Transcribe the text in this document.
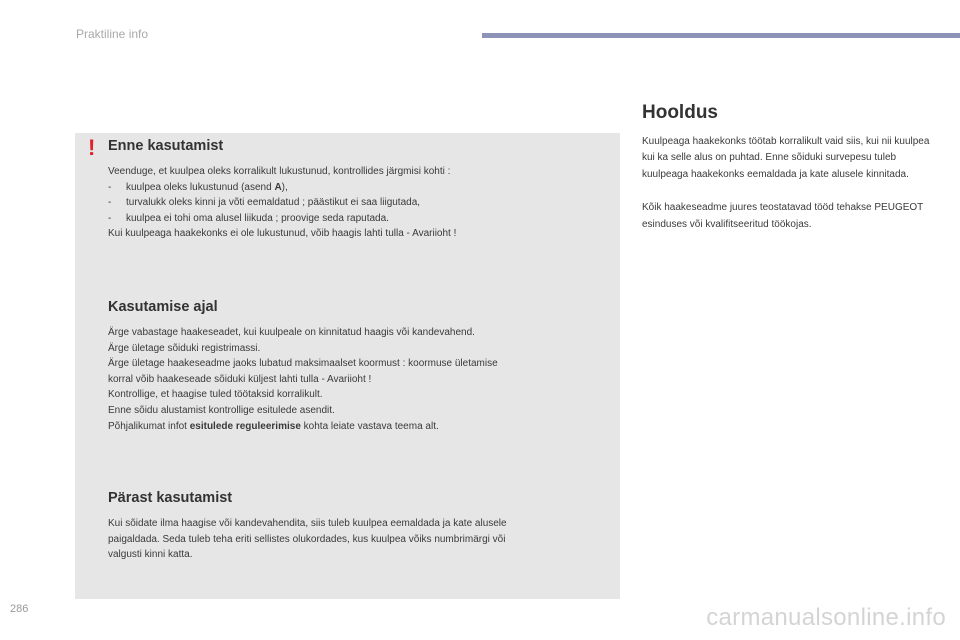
Praktiline info
! Enne kasutamist
Veenduge, et kuulpea oleks korralikult lukustunud, kontrollides järgmisi kohti :
- kuulpea oleks lukustunud (asend A),
- turvalukk oleks kinni ja võti eemaldatud ; päästikut ei saa liigutada,
- kuulpea ei tohi oma alusel liikuda ; proovige seda raputada.
Kui kuulpeaga haakekonks ei ole lukustunud, võib haagis lahti tulla - Avariioht !
Kasutamise ajal
Ärge vabastage haakeseadet, kui kuulpeale on kinnitatud haagis või kandevahend.
Ärge ületage sõiduki registrimassi.
Ärge ületage haakeseadme jaoks lubatud maksimaalset koormust : koormuse ületamise
korral võib haakeseade sõiduki küljest lahti tulla - Avariioht !
Kontrollige, et haagise tuled töötaksid korralikult.
Enne sõidu alustamist kontrollige esitulede asendit.
Põhjalikumat infot esitulede reguleerimise kohta leiate vastava teema alt.
Pärast kasutamist
Kui sõidate ilma haagise või kandevahendita, siis tuleb kuulpea eemaldada ja kate alusele
paigaldada. Seda tuleb teha eriti sellistes olukordades, kus kuulpea võiks numbrimärgi või
valgusti kinni katta.
Hooldus

Kuulpeaga haakekonks töötab korralikult vaid siis, kui nii kuulpea kui ka selle alus on puhtad. Enne sõiduki survepesu tuleb kuulpeaga haakekonks eemaldada ja kate alusele kinnitada.

Kõik haakeseadme juures teostatavad tööd tehakse PEUGEOT esinduses või kvalifitseeritud töökojas.

286	carmanualsonline.info
